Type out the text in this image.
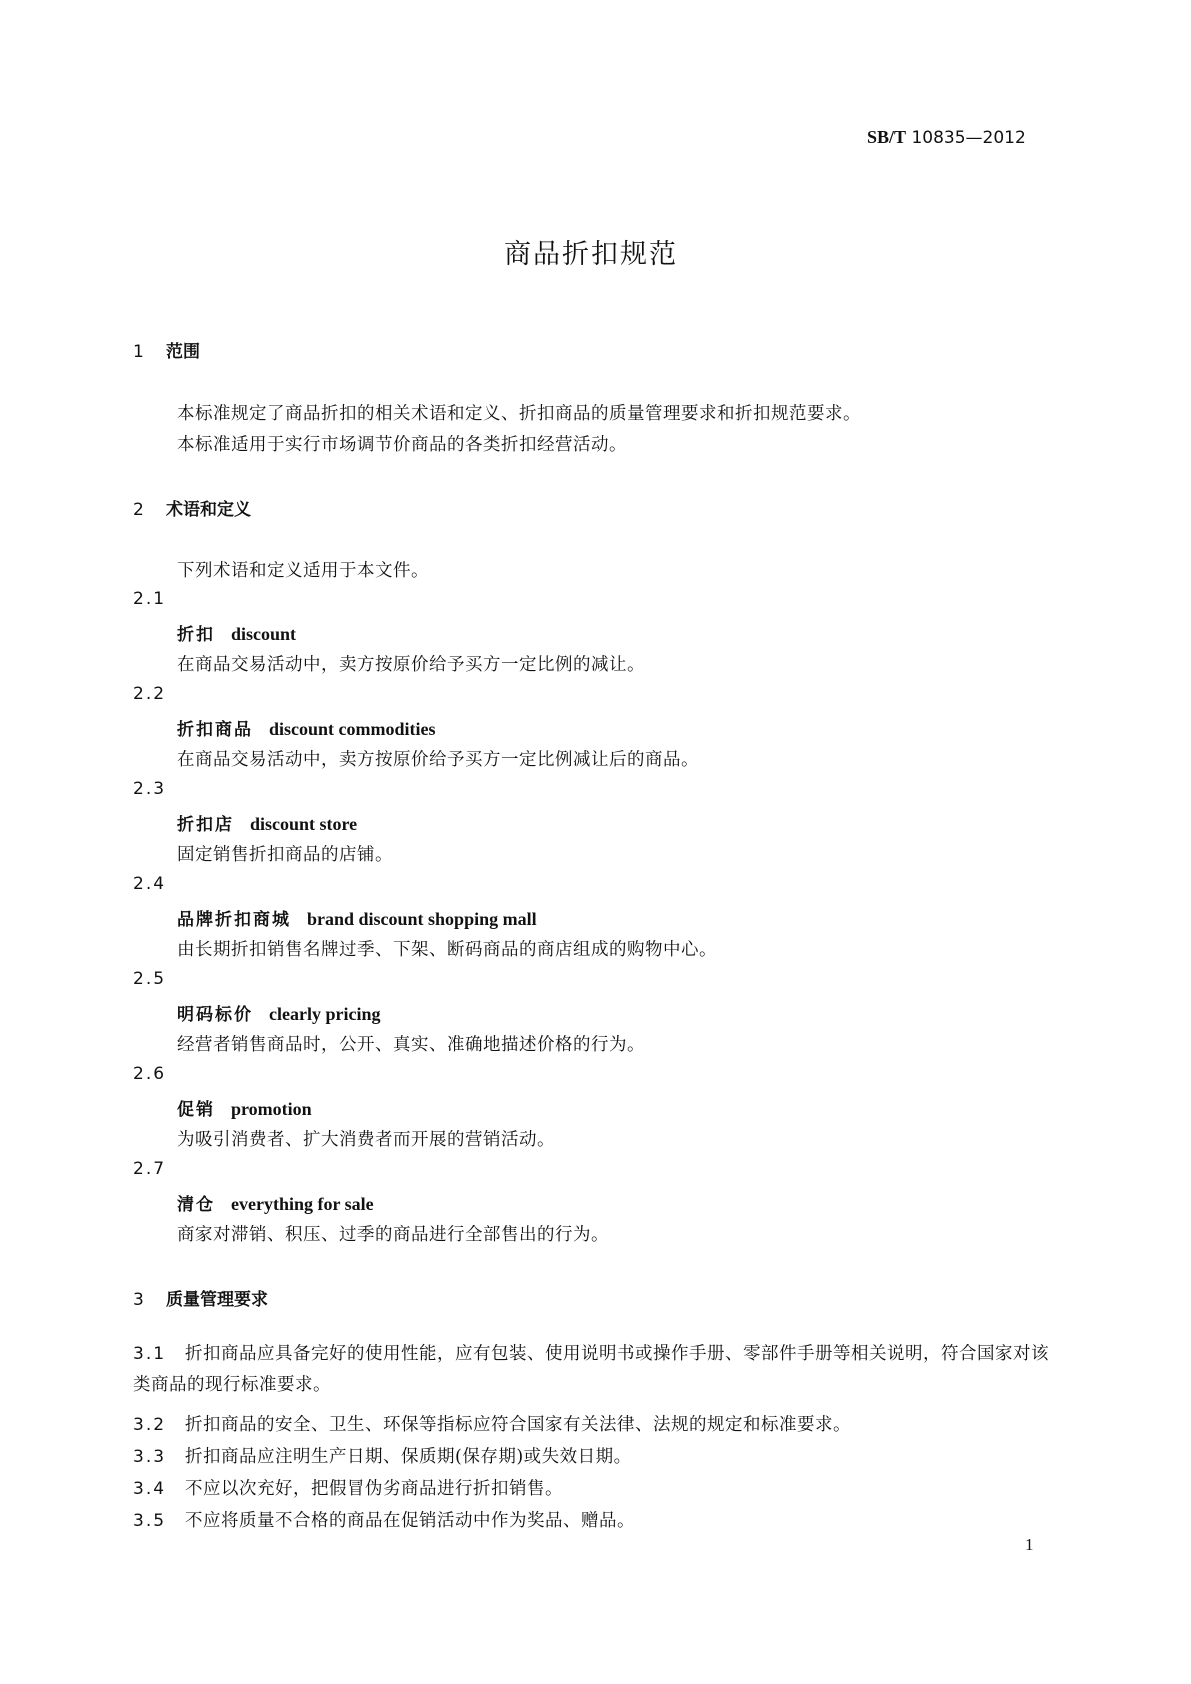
SB/T 10835—2012
商品折扣规范
1 范围
本标准规定了商品折扣的相关术语和定义、折扣商品的质量管理要求和折扣规范要求。
本标准适用于实行市场调节价商品的各类折扣经营活动。
2 术语和定义
下列术语和定义适用于本文件。
2.1
折扣 discount
在商品交易活动中，卖方按原价给予买方一定比例的减让。
2.2
折扣商品 discount commodities
在商品交易活动中，卖方按原价给予买方一定比例减让后的商品。
2.3
折扣店 discount store
固定销售折扣商品的店铺。
2.4
品牌折扣商城 brand discount shopping mall
由长期折扣销售名牌过季、下架、断码商品的商店组成的购物中心。
2.5
明码标价 clearly pricing
经营者销售商品时，公开、真实、准确地描述价格的行为。
2.6
促销 promotion
为吸引消费者、扩大消费者而开展的营销活动。
2.7
清仓 everything for sale
商家对滞销、积压、过季的商品进行全部售出的行为。
3 质量管理要求
3.1 折扣商品应具备完好的使用性能，应有包装、使用说明书或操作手册、零部件手册等相关说明，符合国家对该类商品的现行标准要求。
3.2 折扣商品的安全、卫生、环保等指标应符合国家有关法律、法规的规定和标准要求。
3.3 折扣商品应注明生产日期、保质期(保存期)或失效日期。
3.4 不应以次充好，把假冒伪劣商品进行折扣销售。
3.5 不应将质量不合格的商品在促销活动中作为奖品、赠品。
1
